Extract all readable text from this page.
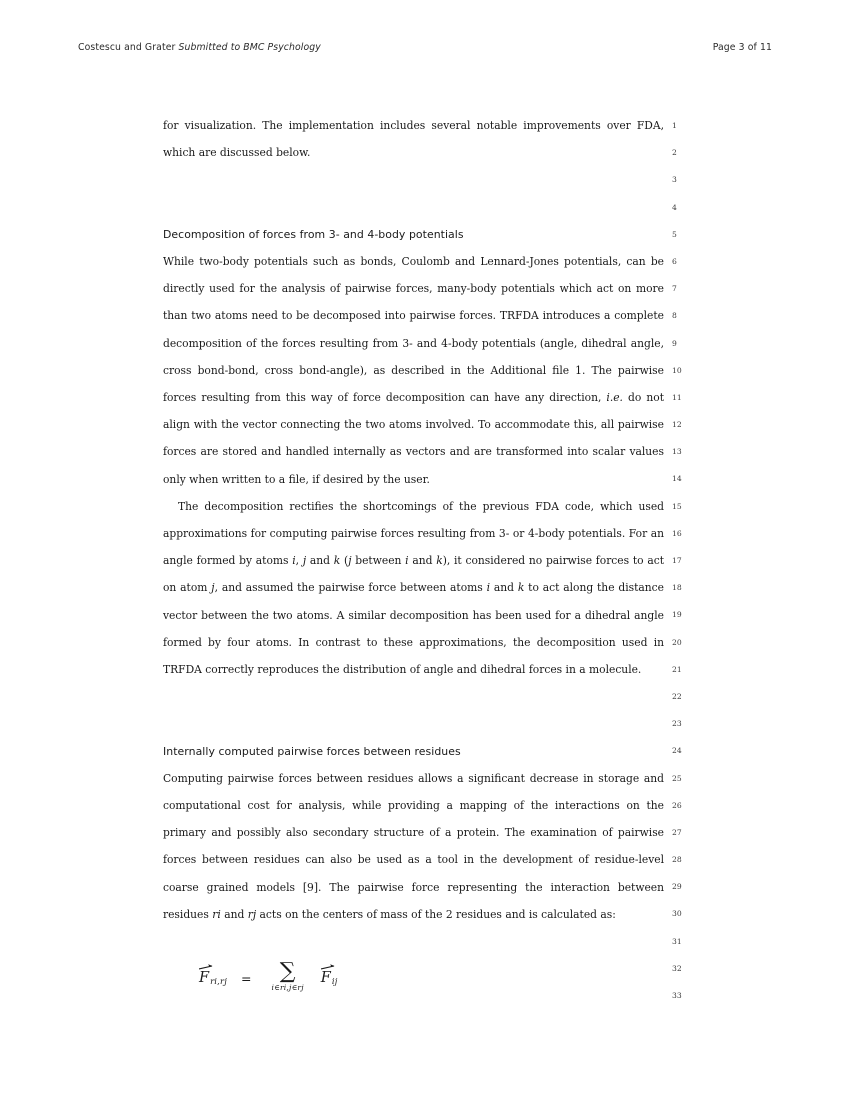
Costescu and Grater Submitted to BMC Psychology	Page 3 of 11

for visualization. The implementation includes several notable improvements over FDA, which are discussed below.

Decomposition of forces from 3- and 4-body potentials

While two-body potentials such as bonds, Coulomb and Lennard-Jones potentials, can be directly used for the analysis of pairwise forces, many-body potentials which act on more than two atoms need to be decomposed into pairwise forces. TRFDA introduces a complete decomposition of the forces resulting from 3- and 4-body potentials (angle, dihedral angle, cross bond-bond, cross bond-angle), as described in the Additional file 1. The pairwise forces resulting from this way of force decomposition can have any direction, i.e. do not align with the vector connecting the two atoms involved. To accommodate this, all pairwise forces are stored and handled internally as vectors and are transformed into scalar values only when written to a file, if desired by the user.

The decomposition rectifies the shortcomings of the previous FDA code, which used approximations for computing pairwise forces resulting from 3- or 4-body potentials. For an angle formed by atoms i, j and k (j between i and k), it considered no pairwise forces to act on atom j, and assumed the pairwise force between atoms i and k to act along the distance vector between the two atoms. A similar decomposition has been used for a dihedral angle formed by four atoms. In contrast to these approximations, the decomposition used in TRFDA correctly reproduces the distribution of angle and dihedral forces in a molecule.

Internally computed pairwise forces between residues

Computing pairwise forces between residues allows a significant decrease in storage and computational cost for analysis, while providing a mapping of the interactions on the primary and possibly also secondary structure of a protein. The examination of pairwise forces between residues can also be used as a tool in the development of residue-level coarse grained models [9]. The pairwise force representing the interaction between residues ri and rj acts on the centers of mass of the 2 residues and is calculated as:

F ri,rj = ∑
i∈ri,j∈rj
F ij
1
2
3
4
5
6
7
8
9
10
11
12
13
14
15
16
17
18
19
20
21
22
23
24
25
26
27
28
29
30
31
32
33
